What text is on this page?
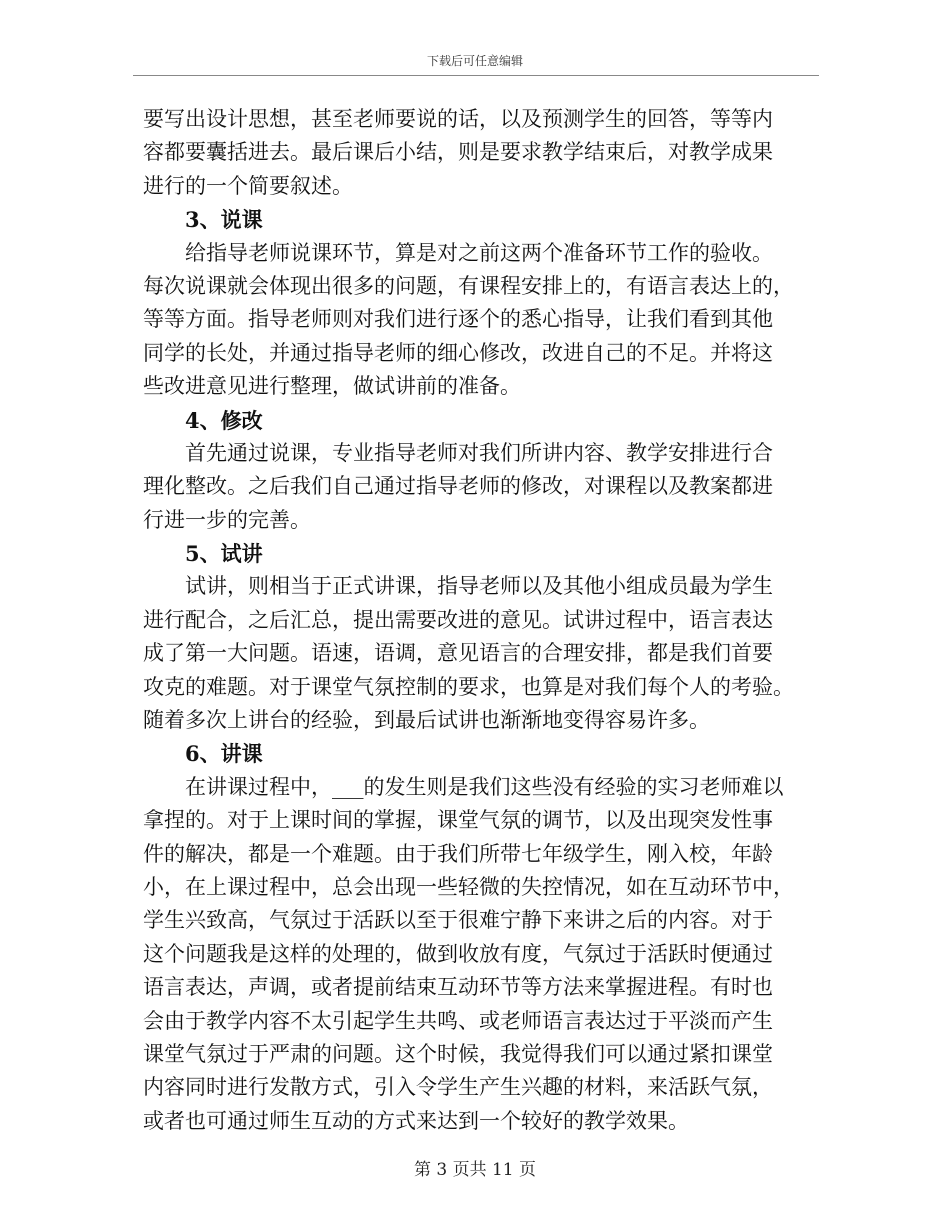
下载后可任意编辑
要写出设计思想，甚至老师要说的话，以及预测学生的回答，等等内
容都要囊括进去。最后课后小结，则是要求教学结束后，对教学成果
进行的一个简要叙述。
3、说课
给指导老师说课环节，算是对之前这两个准备环节工作的验收。
每次说课就会体现出很多的问题，有课程安排上的，有语言表达上的，
等等方面。指导老师则对我们进行逐个的悉心指导，让我们看到其他
同学的长处，并通过指导老师的细心修改，改进自己的不足。并将这
些改进意见进行整理，做试讲前的准备。
4、修改
首先通过说课，专业指导老师对我们所讲内容、教学安排进行合
理化整改。之后我们自己通过指导老师的修改，对课程以及教案都进
行进一步的完善。
5、试讲
试讲，则相当于正式讲课，指导老师以及其他小组成员最为学生
进行配合，之后汇总，提出需要改进的意见。试讲过程中，语言表达
成了第一大问题。语速，语调，意见语言的合理安排，都是我们首要
攻克的难题。对于课堂气氛控制的要求，也算是对我们每个人的考验。
随着多次上讲台的经验，到最后试讲也渐渐地变得容易许多。
6、讲课
在讲课过程中，___的发生则是我们这些没有经验的实习老师难以
拿捏的。对于上课时间的掌握，课堂气氛的调节，以及出现突发性事
件的解决，都是一个难题。由于我们所带七年级学生，刚入校，年龄
小，在上课过程中，总会出现一些轻微的失控情况，如在互动环节中，
学生兴致高，气氛过于活跃以至于很难宁静下来讲之后的内容。对于
这个问题我是这样的处理的，做到收放有度，气氛过于活跃时便通过
语言表达，声调，或者提前结束互动环节等方法来掌握进程。有时也
会由于教学内容不太引起学生共鸣、或老师语言表达过于平淡而产生
课堂气氛过于严肃的问题。这个时候，我觉得我们可以通过紧扣课堂
内容同时进行发散方式，引入令学生产生兴趣的材料，来活跃气氛，
或者也可通过师生互动的方式来达到一个较好的教学效果。
第 3 页共 11 页
